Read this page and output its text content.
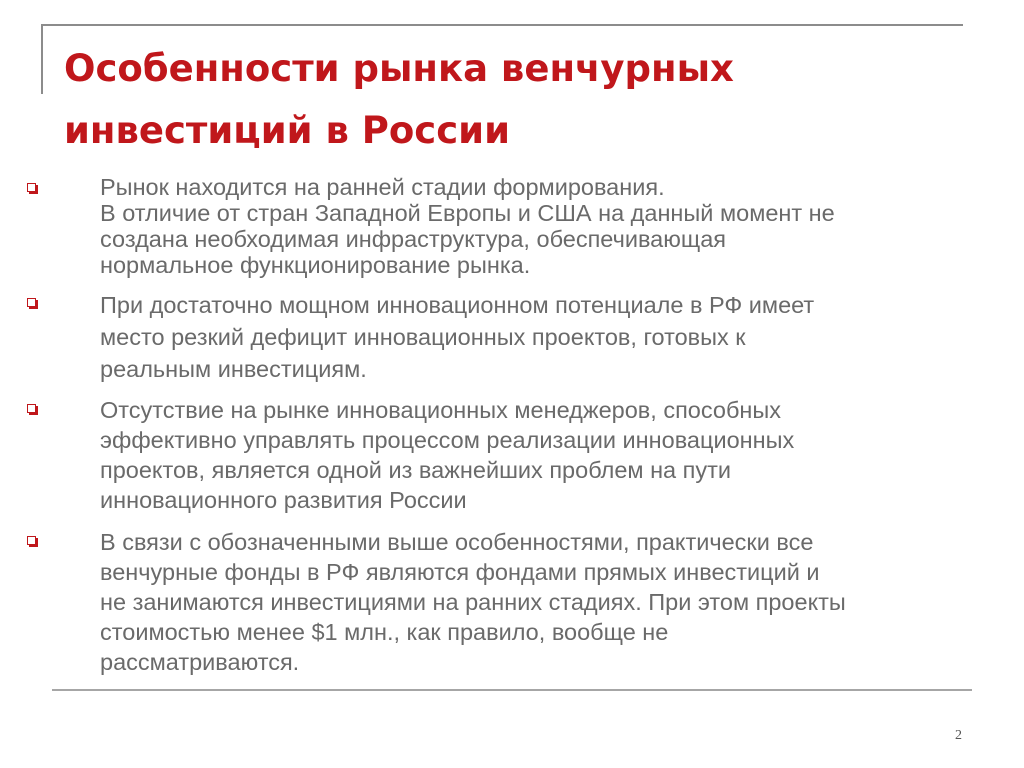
Особенности рынка венчурных
инвестиций в России
Рынок находится на ранней стадии формирования.
В отличие от стран Западной Европы и США на данный момент не
создана необходимая инфраструктура, обеспечивающая
нормальное функционирование рынка.
При достаточно мощном инновационном потенциале в РФ имеет
место резкий дефицит инновационных проектов, готовых к
реальным инвестициям.
Отсутствие на рынке инновационных менеджеров, способных
эффективно управлять процессом реализации инновационных
проектов, является одной из важнейших проблем на пути
инновационного развития России
В связи с обозначенными выше особенностями, практически все
венчурные фонды в РФ являются фондами прямых инвестиций и
не занимаются инвестициями на ранних стадиях. При этом проекты
стоимостью менее $1 млн., как правило, вообще не
рассматриваются.
2
